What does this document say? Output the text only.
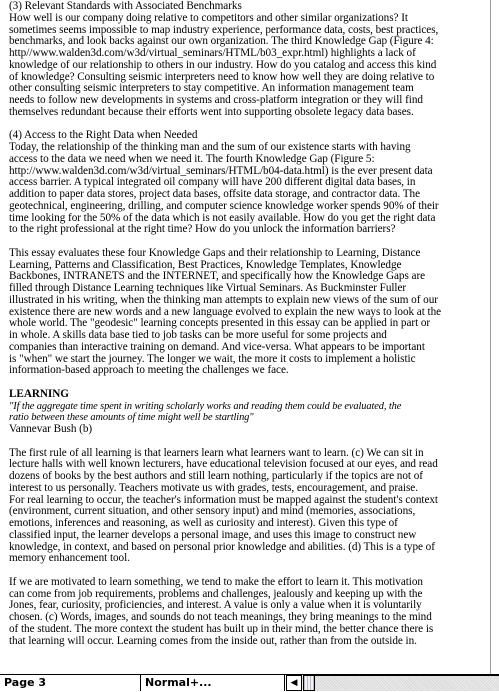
(3) Relevant Standards with Associated Benchmarks
How well is our company doing relative to competitors and other similar organizations? It
sometimes seems impossible to map industry experience, performance data, costs, best practices,
benchmarks, and look backs against our own organization. The third Knowledge Gap (Figure 4:
http//www.walden3d.com/w3d/virtual_seminars/HTML/b03_expr.html) highlights a lack of
knowledge of our relationship to others in our industry. How do you catalog and access this kind
of knowledge? Consulting seismic interpreters need to know how well they are doing relative to
other consulting seismic interpreters to stay competitive. An information management team
needs to follow new developments in systems and cross-platform integration or they will find
themselves redundant because their efforts went into supporting obsolete legacy data bases.
(4) Access to the Right Data when Needed
Today, the relationship of the thinking man and the sum of our existence starts with having
access to the data we need when we need it. The fourth Knowledge Gap (Figure 5:
http://www.walden3d.com/w3d/virtual_seminars/HTML/b04-data.html) is the ever present data
access barrier. A typical integrated oil company will have 200 different digital data bases, in
addition to paper data stores, project data bases, offsite data storage, and contractor data. The
geotechnical, engineering, drilling, and computer science knowledge worker spends 90% of their
time looking for the 50% of the data which is not easily available. How do you get the right data
to the right professional at the right time? How do you unlock the information barriers?
This essay evaluates these four Knowledge Gaps and their relationship to Learning, Distance
Learning, Patterns and Classification, Best Practices, Knowledge Templates, Knowledge
Backbones, INTRANETS and the INTERNET, and specifically how the Knowledge Gaps are
filled through Distance Learning techniques like Virtual Seminars. As Buckminster Fuller
illustrated in his writing, when the thinking man attempts to explain new views of the sum of our
existence there are new words and a new language evolved to explain the new ways to look at the
whole world. The "geodesic" learning concepts presented in this essay can be applied in part or
in whole. A skills data base tied to job tasks can be more useful for some projects and
companies than interactive training on demand. And vice-versa. What appears to be important
is "when" we start the journey. The longer we wait, the more it costs to implement a holistic
information-based approach to meeting the challenges we face.
LEARNING
"If the aggregate time spent in writing scholarly works and reading them could be evaluated, the
ratio between these amounts of time might well be startling"
Vannevar Bush (b)
The first rule of all learning is that learners learn what learners want to learn. (c) We can sit in
lecture halls with well known lecturers, have educational television focused at our eyes, and read
dozens of books by the best authors and still learn nothing, particularly if the topics are not of
interest to us personally. Teachers motivate us with grades, tests, encouragement, and praise.
For real learning to occur, the teacher's information must be mapped against the student's context
(environment, current situation, and other sensory input) and mind (memories, associations,
emotions, inferences and reasoning, as well as curiosity and interest). Given this type of
classified input, the learner develops a personal image, and uses this image to construct new
knowledge, in context, and based on personal prior knowledge and abilities. (d) This is a type of
memory enhancement tool.
If we are motivated to learn something, we tend to make the effort to learn it. This motivation
can come from job requirements, problems and challenges, jealously and keeping up with the
Jones, fear, curiosity, proficiencies, and interest. A value is only a value when it is voluntarily
chosen. (c) Words, images, and sounds do not teach meanings, they bring meanings to the mind
of the student. The more context the student has built up in their mind, the better chance there is
that learning will occur. Learning comes from the inside out, rather than from the outside in.
Page 3	Normal+...	◀
